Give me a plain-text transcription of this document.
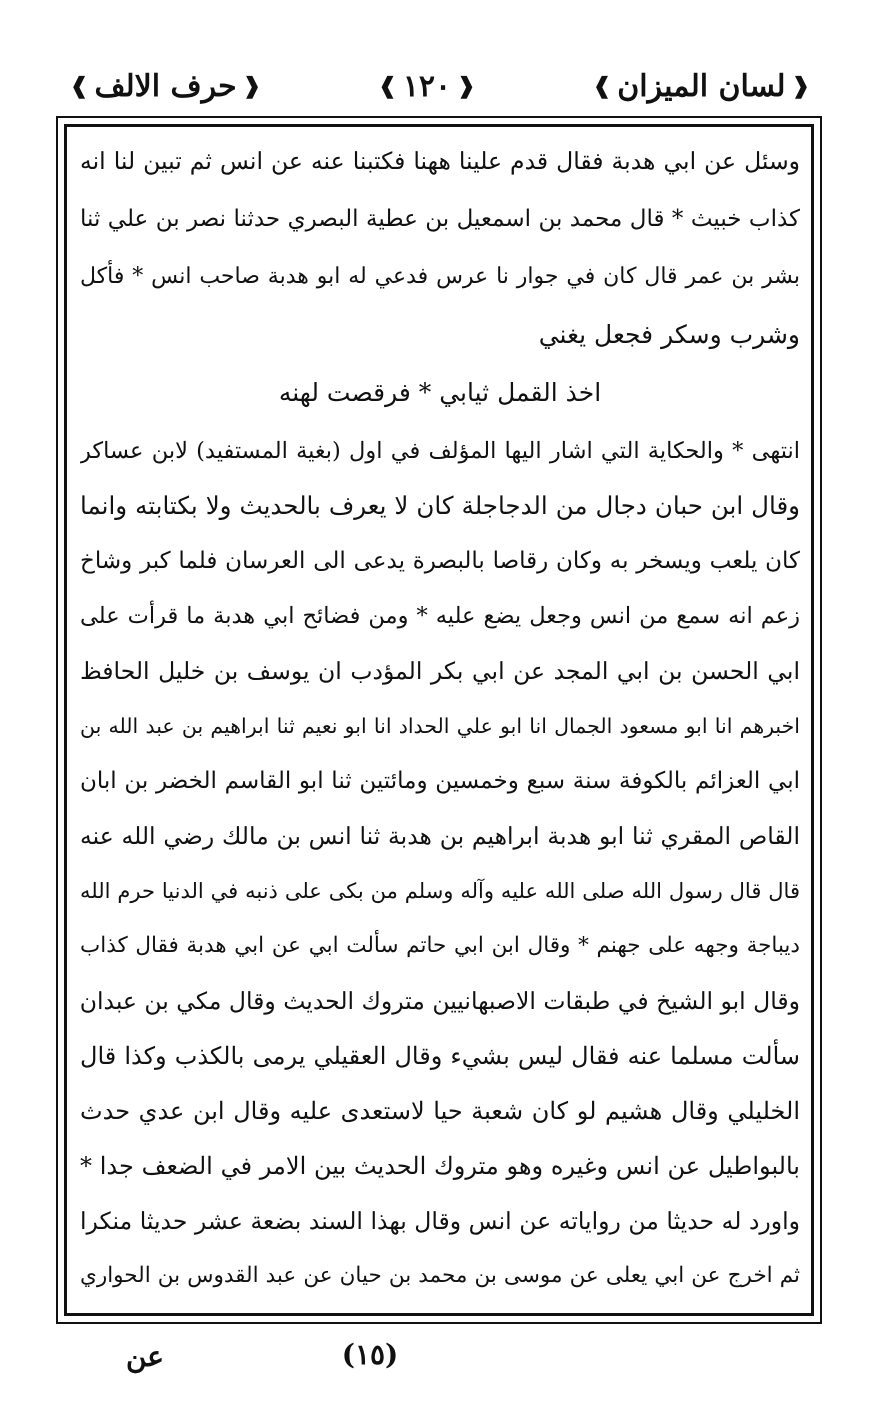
❰ حرف الالف ❱	❰ ١٢٠ ❱	❰ لسان الميزان ❱
وسئل عن ابي هدبة فقال قدم علينا ههنا فكتبنا عنه عن انس ثم تبين لنا انه
كذاب خبيث * قال محمد بن اسمعيل بن عطية البصري حدثنا نصر بن علي ثنا
بشر بن عمر قال كان في جوار نا عرس فدعي له ابو هدبة صاحب انس * فأكل
وشرب وسكر فجعل يغني
اخذ القمل ثيابي * فرقصت لهنه
انتهى * والحكاية التي اشار اليها المؤلف في اول (بغية المستفيد) لابن عساكر
وقال ابن حبان دجال من الدجاجلة كان لا يعرف بالحديث ولا بكتابته وانما
كان يلعب ويسخر به وكان رقاصا بالبصرة يدعى الى العرسان فلما كبر وشاخ
زعم انه سمع من انس وجعل يضع عليه * ومن فضائح ابي هدبة ما قرأت على
ابي الحسن بن ابي المجد عن ابي بكر المؤدب ان يوسف بن خليل الحافظ
اخبرهم انا ابو مسعود الجمال انا ابو علي الحداد انا ابو نعيم ثنا ابراهيم بن عبد الله بن
ابي العزائم بالكوفة سنة سبع وخمسين ومائتين ثنا ابو القاسم الخضر بن ابان
القاص المقري ثنا ابو هدبة ابراهيم بن هدبة ثنا انس بن مالك رضي الله عنه
قال قال رسول الله صلى الله عليه وآله وسلم من بكى على ذنبه في الدنيا حرم الله
ديباجة وجهه على جهنم * وقال ابن ابي حاتم سألت ابي عن ابي هدبة فقال كذاب
وقال ابو الشيخ في طبقات الاصبهانيين متروك الحديث وقال مكي بن عبدان
سألت مسلما عنه فقال ليس بشيء وقال العقيلي يرمى بالكذب وكذا قال
الخليلي وقال هشيم لو كان شعبة حيا لاستعدى عليه وقال ابن عدي حدث
بالبواطيل عن انس وغيره وهو متروك الحديث بين الامر في الضعف جدا *
واورد له حديثا من رواياته عن انس وقال بهذا السند بضعة عشر حديثا منكرا
ثم اخرج عن ابي يعلى عن موسى بن محمد بن حيان عن عبد القدوس بن الحواري
(١٥)
عن
